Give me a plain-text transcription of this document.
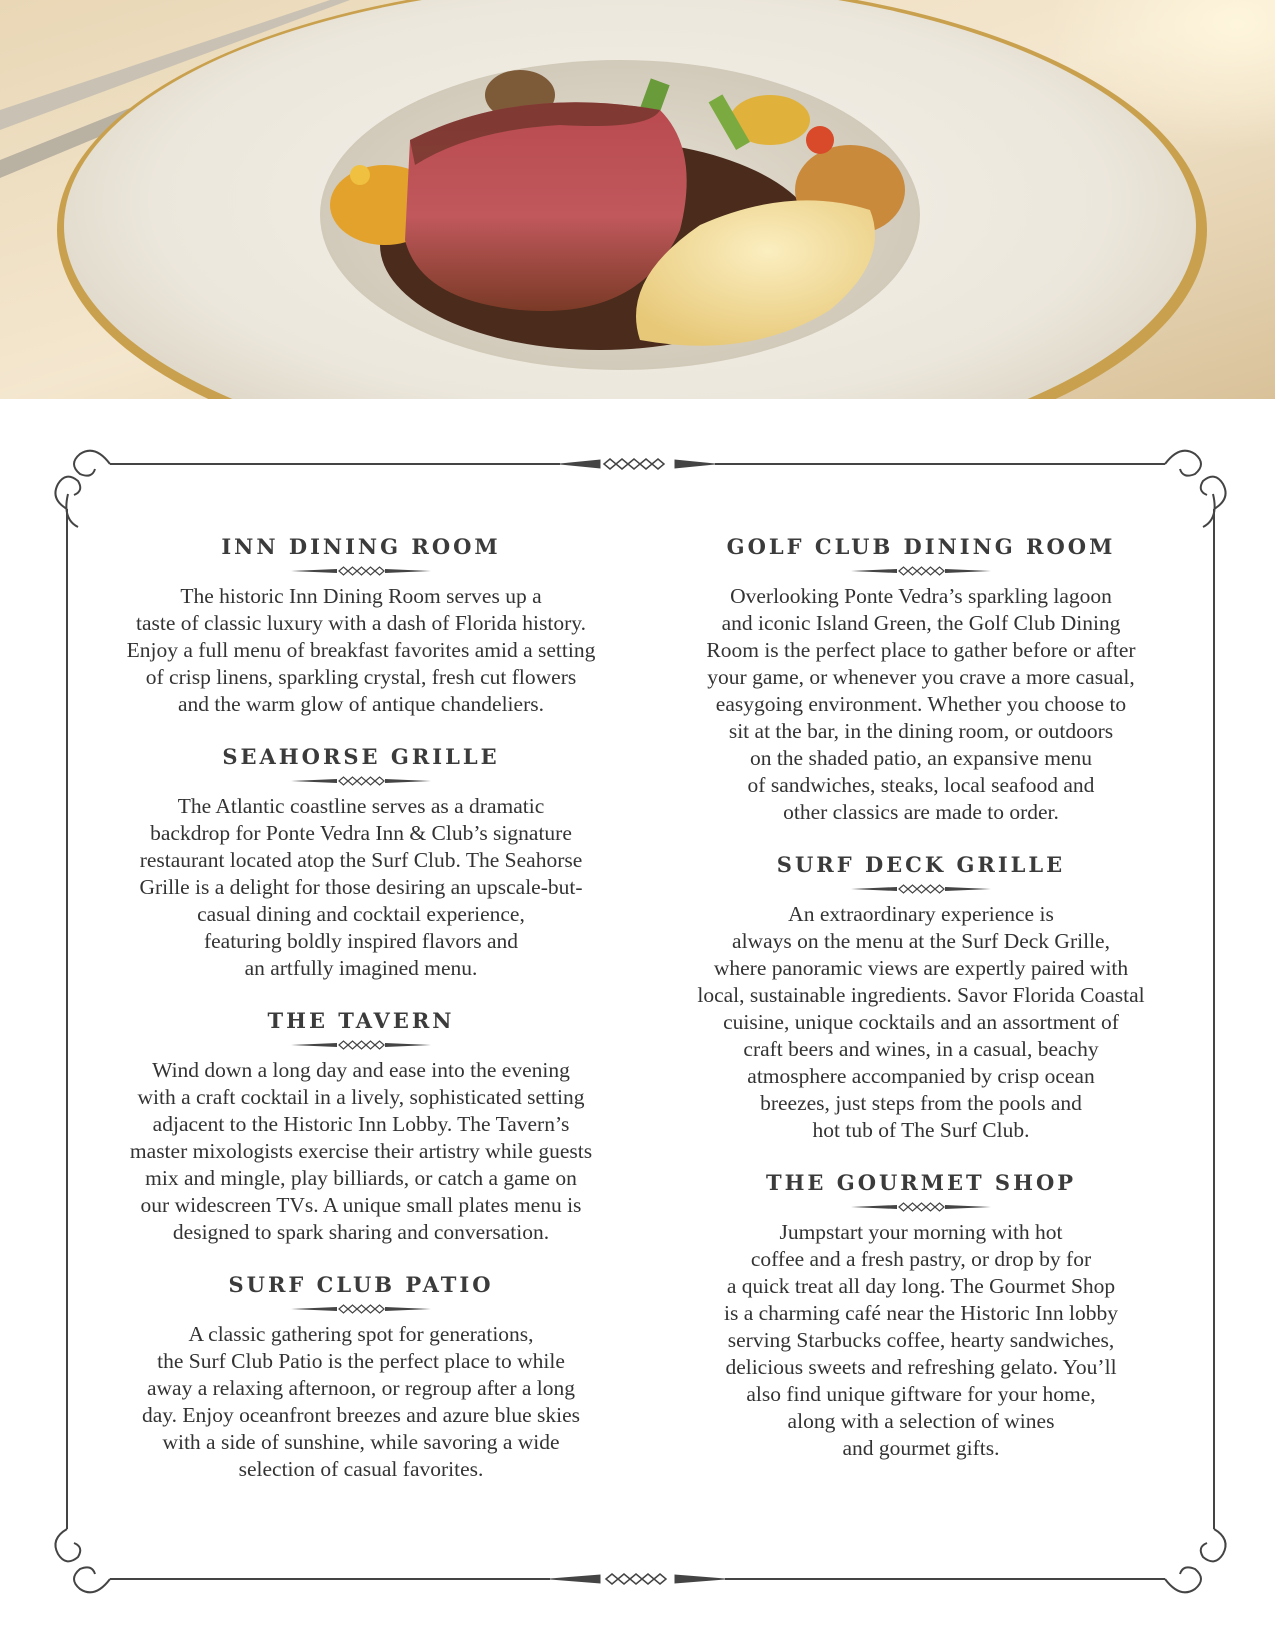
INN DINING ROOM

The historic Inn Dining Room serves up a
taste of classic luxury with a dash of Florida history.
Enjoy a full menu of breakfast favorites amid a setting
of crisp linens, sparkling crystal, fresh cut flowers
and the warm glow of antique chandeliers.

SEAHORSE GRILLE

The Atlantic coastline serves as a dramatic
backdrop for Ponte Vedra Inn & Club’s signature
restaurant located atop the Surf Club. The Seahorse
Grille is a delight for those desiring an upscale-but-
casual dining and cocktail experience,
featuring boldly inspired flavors and
an artfully imagined menu.

THE TAVERN

Wind down a long day and ease into the evening
with a craft cocktail in a lively, sophisticated setting
adjacent to the Historic Inn Lobby. The Tavern’s
master mixologists exercise their artistry while guests
mix and mingle, play billiards, or catch a game on
our widescreen TVs. A unique small plates menu is
designed to spark sharing and conversation.

SURF CLUB PATIO

A classic gathering spot for generations,
the Surf Club Patio is the perfect place to while
away a relaxing afternoon, or regroup after a long
day. Enjoy oceanfront breezes and azure blue skies
with a side of sunshine, while savoring a wide
selection of casual favorites.

GOLF CLUB DINING ROOM

Overlooking Ponte Vedra’s sparkling lagoon
and iconic Island Green, the Golf Club Dining
Room is the perfect place to gather before or after
your game, or whenever you crave a more casual,
easygoing environment. Whether you choose to
sit at the bar, in the dining room, or outdoors
on the shaded patio, an expansive menu
of sandwiches, steaks, local seafood and
other classics are made to order.

SURF DECK GRILLE

An extraordinary experience is
always on the menu at the Surf Deck Grille,
where panoramic views are expertly paired with
local, sustainable ingredients. Savor Florida Coastal
cuisine, unique cocktails and an assortment of
craft beers and wines, in a casual, beachy
atmosphere accompanied by crisp ocean
breezes, just steps from the pools and
hot tub of The Surf Club.

THE GOURMET SHOP

Jumpstart your morning with hot
coffee and a fresh pastry, or drop by for
a quick treat all day long. The Gourmet Shop
is a charming café near the Historic Inn lobby
serving Starbucks coffee, hearty sandwiches,
delicious sweets and refreshing gelato. You’ll
also find unique giftware for your home,
along with a selection of wines
and gourmet gifts.
